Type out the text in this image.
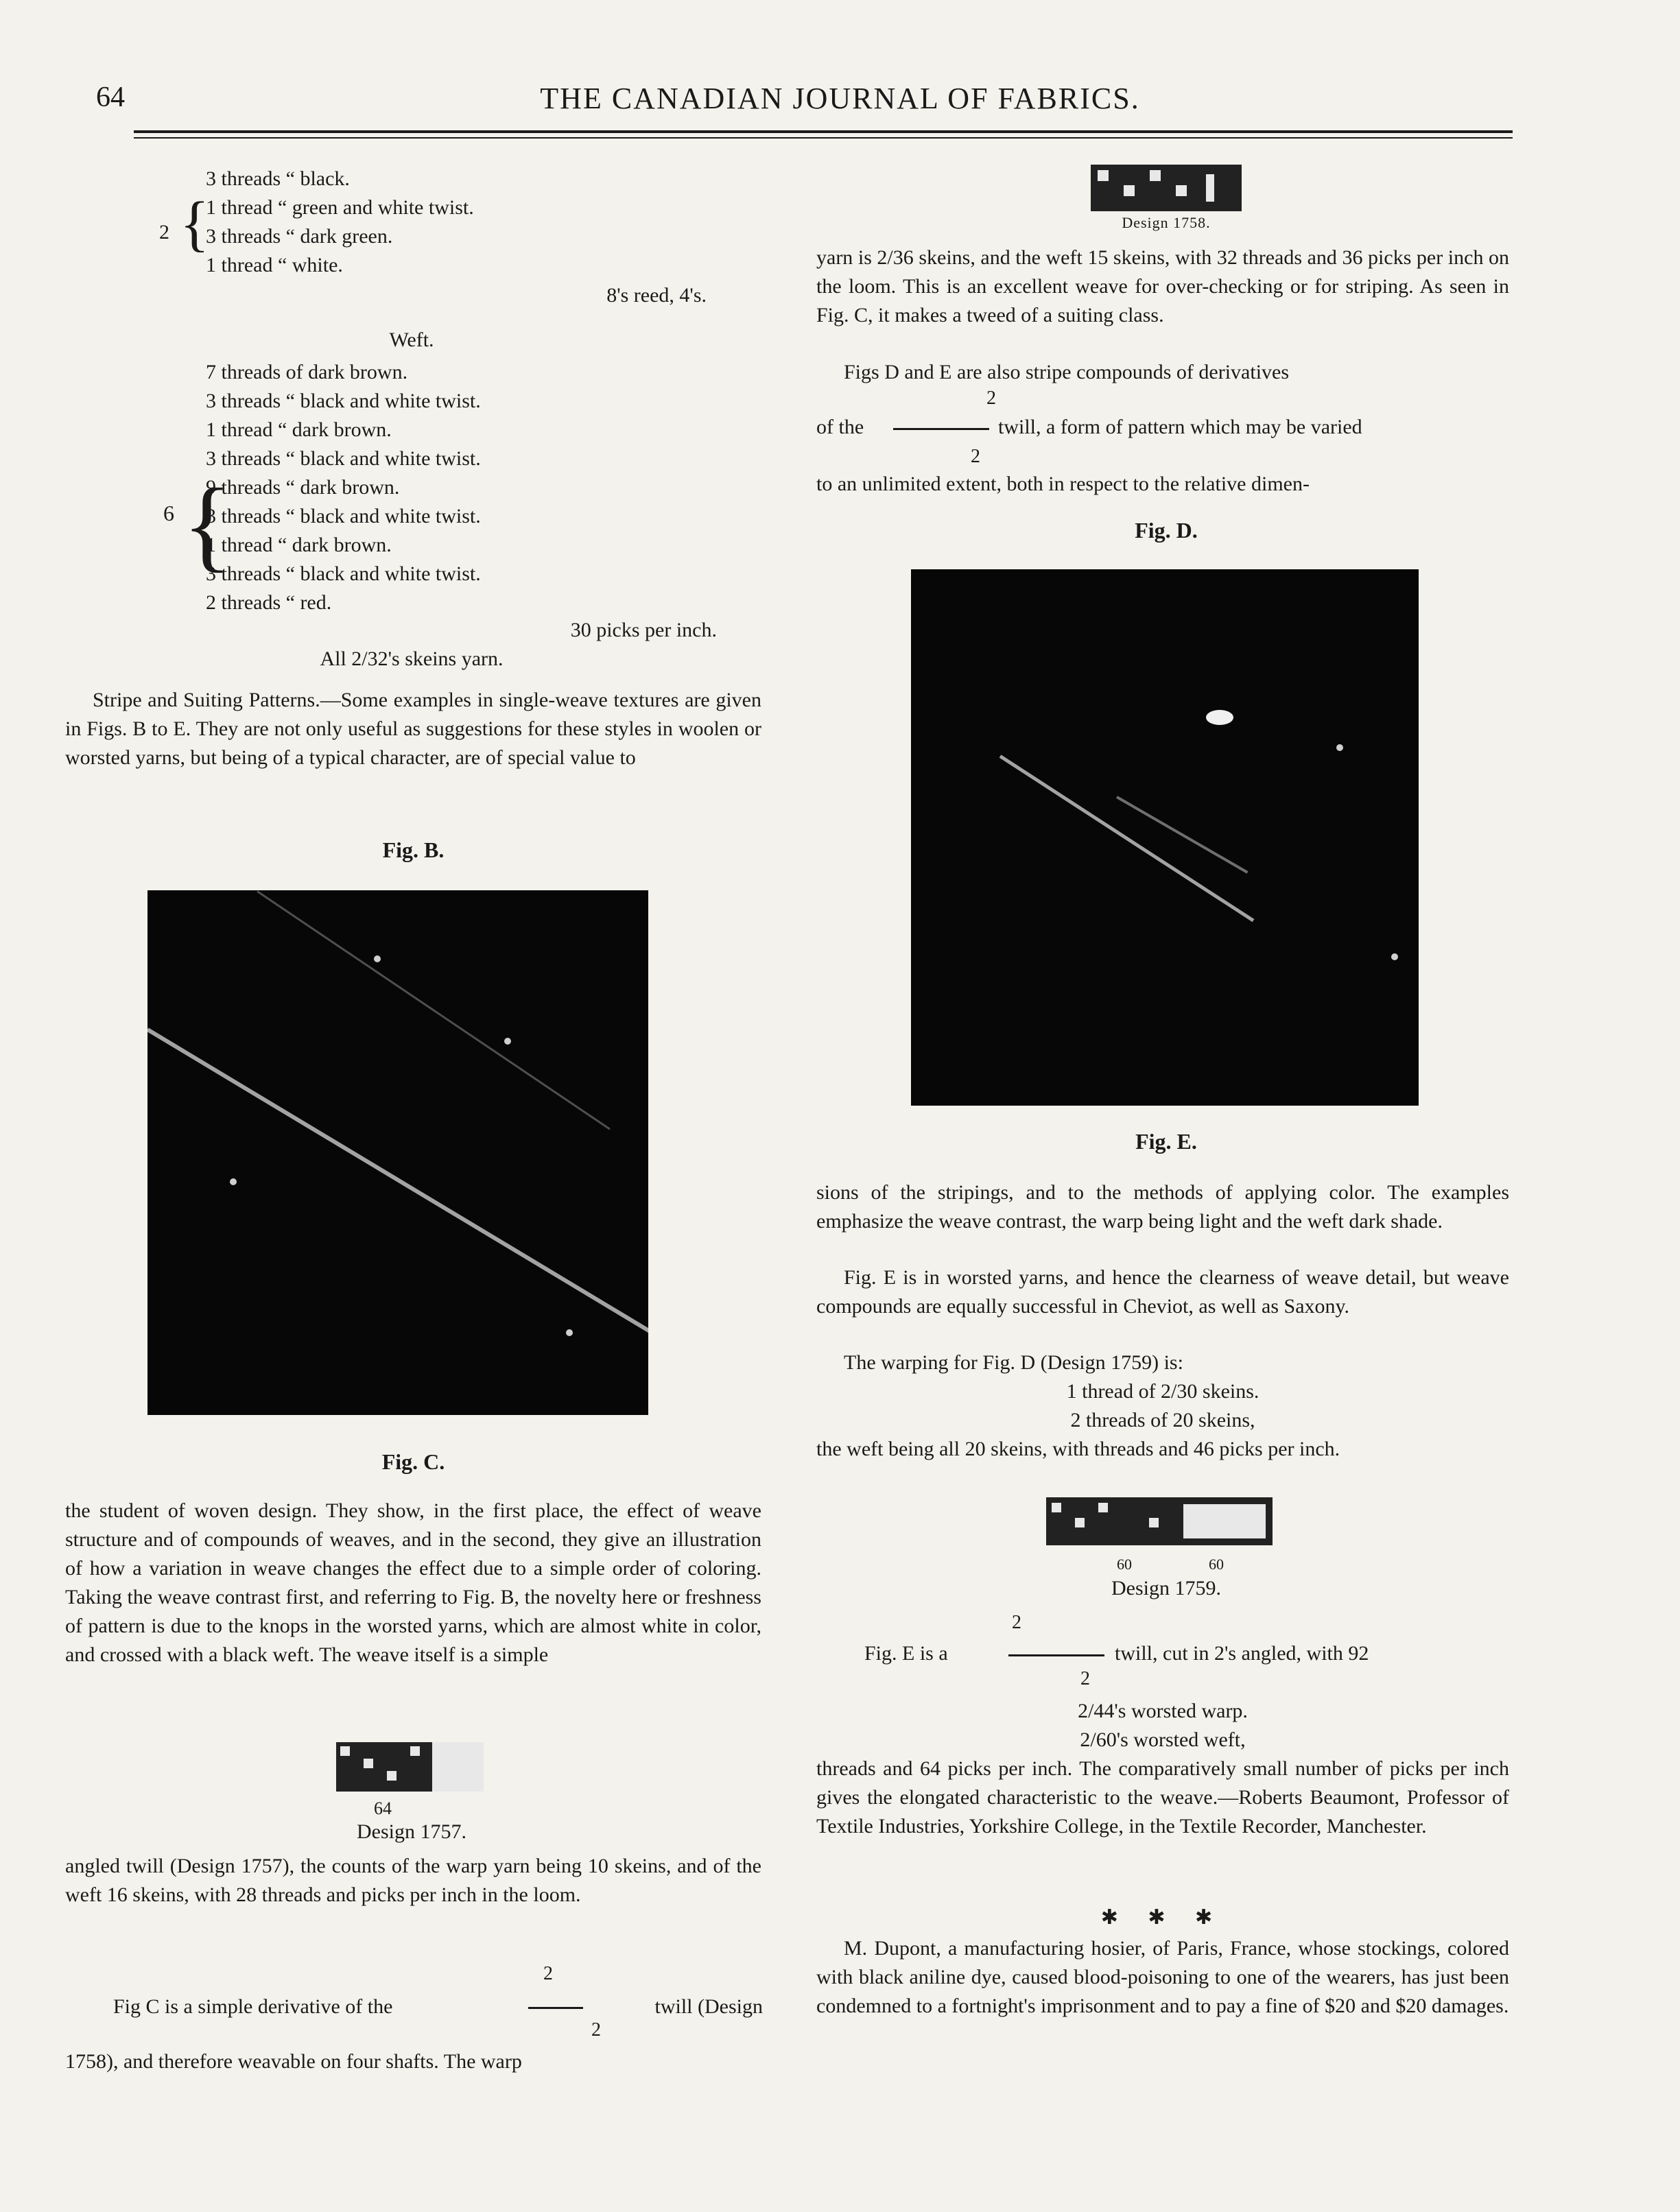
64	THE CANADIAN JOURNAL OF FABRICS.
3 threads “ black.
1 thread “ green and white twist.
3 threads “ dark green.
1 thread “ white.
2 {
8's reed, 4's.
Weft.
7 threads of dark brown.
3 threads “ black and white twist.
1 thread “ dark brown.
3 threads “ black and white twist.
9 threads “ dark brown.
3 threads “ black and white twist.
1 thread “ dark brown.
3 threads “ black and white twist.
2 threads “ red.
6 {
30 picks per inch.
All 2/32's skeins yarn.

Stripe and Suiting Patterns.—Some examples in single-weave textures are given in Figs. B to E. They are not only useful as suggestions for these styles in woolen or worsted yarns, but being of a typical character, are of special value to

Fig. B.
Fig. C.

the student of woven design. They show, in the first place, the effect of weave structure and of compounds of weaves, and in the second, they give an illustration of how a variation in weave changes the effect due to a simple order of coloring. Taking the weave contrast first, and referring to Fig. B, the novelty here or freshness of pattern is due to the knops in the worsted yarns, which are almost white in color, and crossed with a black weft. The weave itself is a simple

64
Design 1757.

angled twill (Design 1757), the counts of the warp yarn being 10 skeins, and of the weft 16 skeins, with 28 threads and picks per inch in the loom.

Fig C is a simple derivative of the
2
2
twill (Design
1758), and therefore weavable on four shafts. The warp
Design 1758.

yarn is 2/36 skeins, and the weft 15 skeins, with 32 threads and 36 picks per inch on the loom. This is an excellent weave for over-checking or for striping. As seen in Fig. C, it makes a tweed of a suiting class.

Figs D and E are also stripe compounds of derivatives
2
of the	twill, a form of pattern which may be varied
2
to an unlimited extent, both in respect to the relative dimen-
Fig. D.
Fig. E.

sions of the stripings, and to the methods of applying color. The examples emphasize the weave contrast, the warp being light and the weft dark shade.

Fig. E is in worsted yarns, and hence the clearness of weave detail, but weave compounds are equally successful in Cheviot, as well as Saxony.

The warping for Fig. D (Design 1759) is:
1 thread of 2/30 skeins.
2 threads of 20 skeins,

the weft being all 20 skeins, with threads and 46 picks per inch.

60	60
Design 1759.
2
Fig. E is a	twill, cut in 2's angled, with 92
2
2/44's worsted warp.
2/60's worsted weft,

threads and 64 picks per inch. The comparatively small number of picks per inch gives the elongated characteristic to the weave.—Roberts Beaumont, Professor of Textile Industries, Yorkshire College, in the Textile Recorder, Manchester.

✱ ✱ ✱

M. Dupont, a manufacturing hosier, of Paris, France, whose stockings, colored with black aniline dye, caused blood-poisoning to one of the wearers, has just been condemned to a fortnight's imprisonment and to pay a fine of $20 and $20 damages.
